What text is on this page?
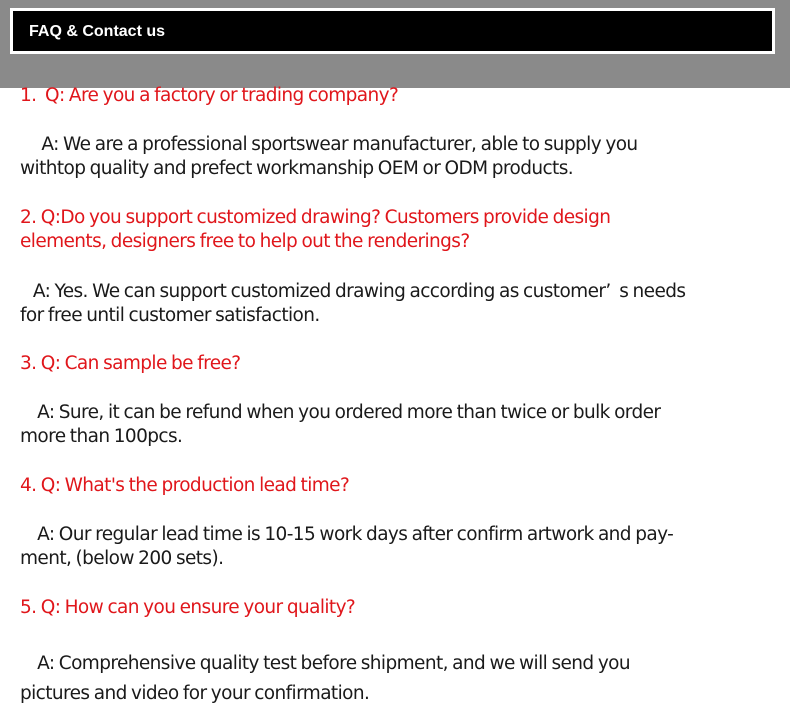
FAQ & Contact us
1.  Q: Are you a factory or trading company?
A: We are a professional sportswear manufacturer, able to supply you
withtop quality and prefect workmanship OEM or ODM products.
2. Q:Do you support customized drawing? Customers provide design
elements, designers free to help out the renderings?
A: Yes. We can support customized drawing according as customer’  s needs
for free until customer satisfaction.
3. Q: Can sample be free?
A: Sure, it can be refund when you ordered more than twice or bulk order
more than 100pcs.
4. Q: What's the production lead time?
A: Our regular lead time is 10-15 work days after confirm artwork and pay-
ment, (below 200 sets).
5. Q: How can you ensure your quality?
A: Comprehensive quality test before shipment, and we will send you
pictures and video for your confirmation.
